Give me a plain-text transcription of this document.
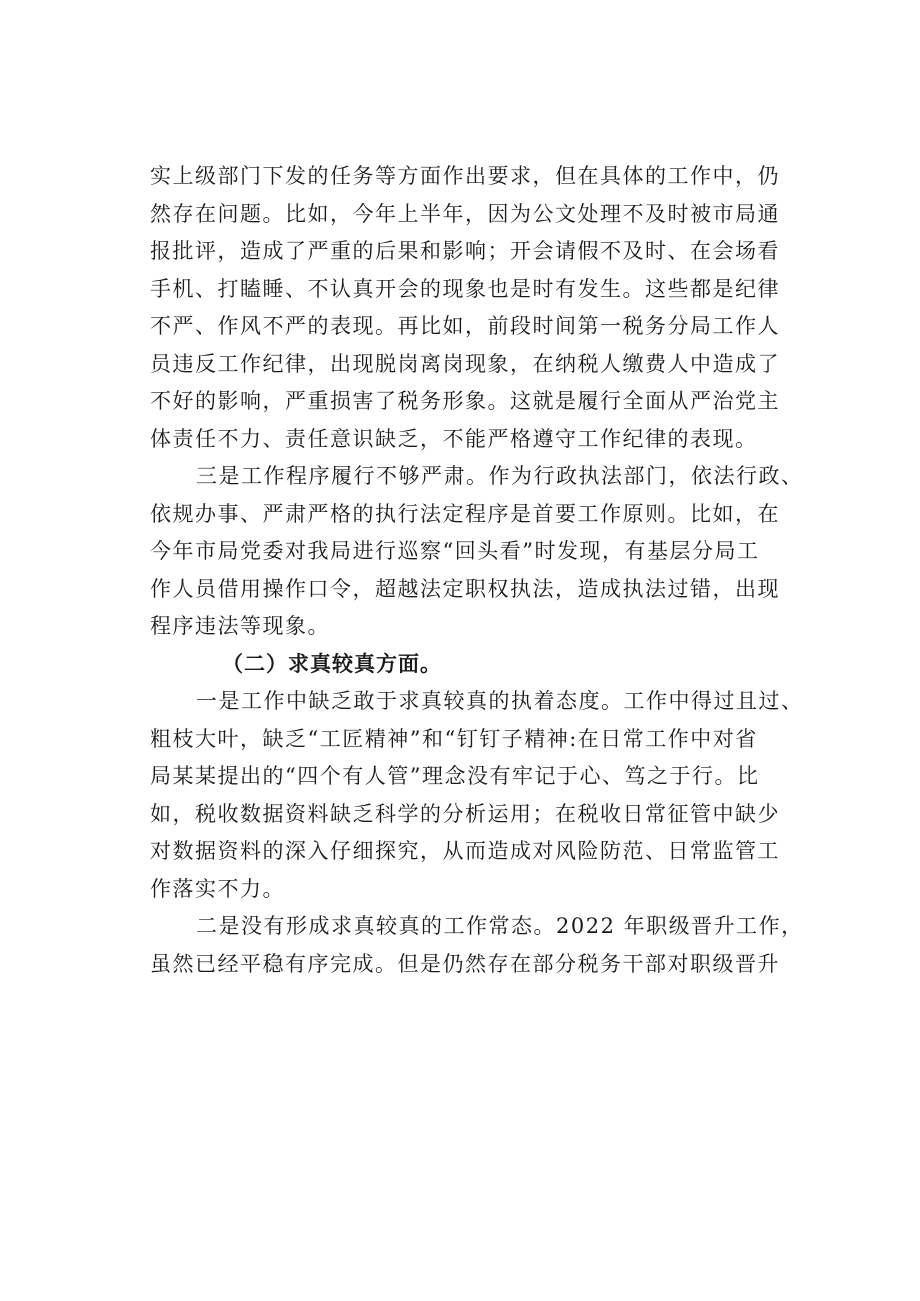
实上级部门下发的任务等方面作出要求，但在具体的工作中，仍
然存在问题。比如，今年上半年，因为公文处理不及时被市局通
报批评，造成了严重的后果和影响；开会请假不及时、在会场看
手机、打瞌睡、不认真开会的现象也是时有发生。这些都是纪律
不严、作风不严的表现。再比如，前段时间第一税务分局工作人
员违反工作纪律，出现脱岗离岗现象，在纳税人缴费人中造成了
不好的影响，严重损害了税务形象。这就是履行全面从严治党主
体责任不力、责任意识缺乏，不能严格遵守工作纪律的表现。
三是工作程序履行不够严肃。作为行政执法部门，依法行政、
依规办事、严肃严格的执行法定程序是首要工作原则。比如，在
今年市局党委对我局进行巡察“回头看”时发现，有基层分局工
作人员借用操作口令，超越法定职权执法，造成执法过错，出现
程序违法等现象。
（二）求真较真方面。
一是工作中缺乏敢于求真较真的执着态度。工作中得过且过、
粗枝大叶，缺乏“工匠精神”和“钉钉子精神:在日常工作中对省
局某某提出的“四个有人管”理念没有牢记于心、笃之于行。比
如，税收数据资料缺乏科学的分析运用；在税收日常征管中缺少
对数据资料的深入仔细探究，从而造成对风险防范、日常监管工
作落实不力。
二是没有形成求真较真的工作常态。2022 年职级晋升工作，
虽然已经平稳有序完成。但是仍然存在部分税务干部对职级晋升
